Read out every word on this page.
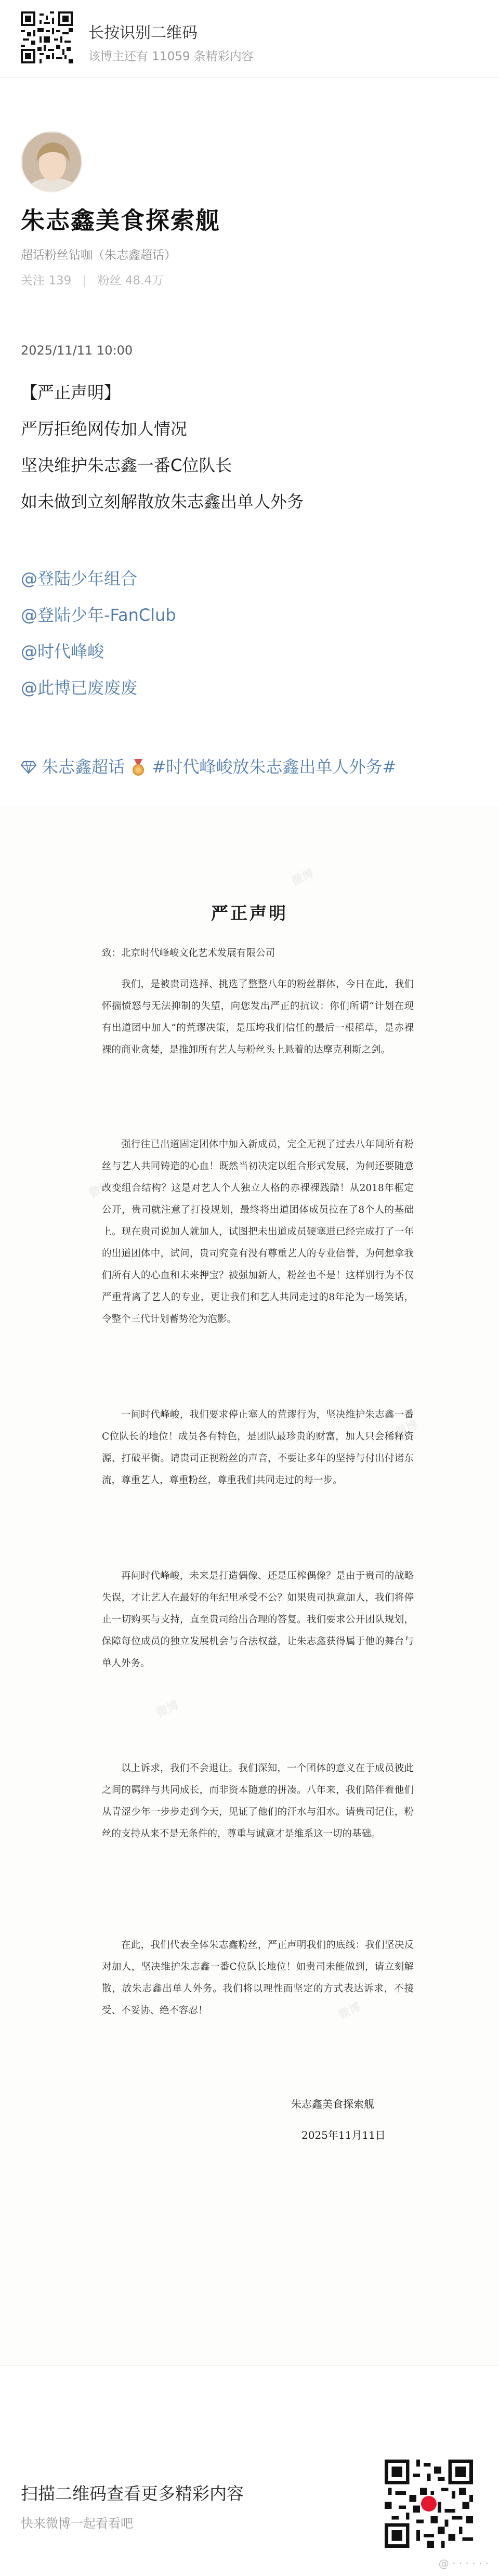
长按识别二维码
该博主还有 11059 条精彩内容
朱志鑫美食探索舰
超话粉丝钻咖（朱志鑫超话）
关注 139 | 粉丝 48.4万
2025/11/11 10:00
【严正声明】
严厉拒绝网传加人情况
坚决维护朱志鑫一番C位队长
如未做到立刻解散放朱志鑫出单人外务
@登陆少年组合
@登陆少年-FanClub
@时代峰峻
@此博已废废废
朱志鑫超话 #时代峰峻放朱志鑫出单人外务#
微博
微博
微博
微博
微博
严正声明
致：北京时代峰峻文化艺术发展有限公司
我们，是被贵司选择、挑选了整整八年的粉丝群体，今日在此，我们怀揣愤怒与无法抑制的失望，向您发出严正的抗议：你们所谓“计划在现有出道团中加人”的荒谬决策，是压垮我们信任的最后一根稻草，是赤裸裸的商业贪婪，是推卸所有艺人与粉丝头上悬着的达摩克利斯之剑。
强行往已出道固定团体中加入新成员，完全无视了过去八年间所有粉丝与艺人共同铸造的心血！既然当初决定以组合形式发展，为何还要随意改变组合结构？这是对艺人个人独立人格的赤裸裸践踏！从2018年框定公开，贵司就注意了打投规划，最终将出道团体成员拉在了8个人的基础上。现在贵司说加人就加人，试图把未出道成员硬塞进已经完成打了一年的出道团体中，试问，贵司究竟有没有尊重艺人的专业信誉，为何想拿我们所有人的心血和未来押宝？被强加新人，粉丝也不是！这样别行为不仅严重背离了艺人的专业，更让我们和艺人共同走过的8年沦为一场笑话，令整个三代计划蓄势沦为泡影。
一间时代峰峻，我们要求停止塞人的荒谬行为，坚决维护朱志鑫一番C位队长的地位！成员各有特色，是团队最珍贵的财富，加人只会稀释资源、打破平衡。请贵司正视粉丝的声音，不要让多年的坚持与付出付诸东流，尊重艺人，尊重粉丝，尊重我们共同走过的每一步。
再问时代峰峻，未来是打造偶像、还是压榨偶像？是由于贵司的战略失误，才让艺人在最好的年纪里承受不公？如果贵司执意加人，我们将停止一切购买与支持，直至贵司给出合理的答复。我们要求公开团队规划，保障每位成员的独立发展机会与合法权益，让朱志鑫获得属于他的舞台与单人外务。
以上诉求，我们不会退让。我们深知，一个团体的意义在于成员彼此之间的羁绊与共同成长，而非资本随意的拼凑。八年来，我们陪伴着他们从青涩少年一步步走到今天，见证了他们的汗水与泪水。请贵司记住，粉丝的支持从来不是无条件的，尊重与诚意才是维系这一切的基础。
在此，我们代表全体朱志鑫粉丝，严正声明我们的底线：我们坚决反对加人，坚决维护朱志鑫一番C位队长地位！如贵司未能做到，请立刻解散，放朱志鑫出单人外务。我们将以理性而坚定的方式表达诉求，不接受、不妥协、绝不容忍！
朱志鑫美食探索舰
2025年11月11日
扫描二维码查看更多精彩内容
快来微博一起看看吧
@ · · · · · ·
